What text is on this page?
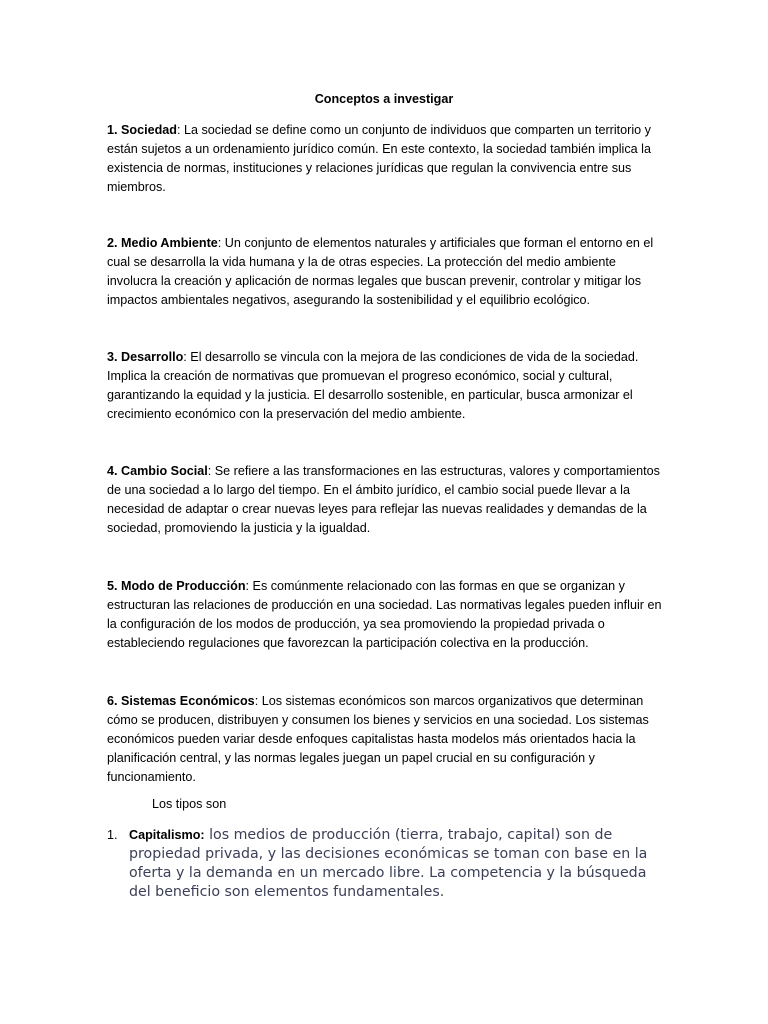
Conceptos a investigar

1. Sociedad: La sociedad se define como un conjunto de individuos que comparten un territorio y están sujetos a un ordenamiento jurídico común. En este contexto, la sociedad también implica la existencia de normas, instituciones y relaciones jurídicas que regulan la convivencia entre sus miembros.

2. Medio Ambiente: Un conjunto de elementos naturales y artificiales que forman el entorno en el cual se desarrolla la vida humana y la de otras especies. La protección del medio ambiente involucra la creación y aplicación de normas legales que buscan prevenir, controlar y mitigar los impactos ambientales negativos, asegurando la sostenibilidad y el equilibrio ecológico.

3. Desarrollo: El desarrollo se vincula con la mejora de las condiciones de vida de la sociedad. Implica la creación de normativas que promuevan el progreso económico, social y cultural, garantizando la equidad y la justicia. El desarrollo sostenible, en particular, busca armonizar el crecimiento económico con la preservación del medio ambiente.

4. Cambio Social: Se refiere a las transformaciones en las estructuras, valores y comportamientos de una sociedad a lo largo del tiempo. En el ámbito jurídico, el cambio social puede llevar a la necesidad de adaptar o crear nuevas leyes para reflejar las nuevas realidades y demandas de la sociedad, promoviendo la justicia y la igualdad.

5. Modo de Producción: Es comúnmente relacionado con las formas en que se organizan y estructuran las relaciones de producción en una sociedad. Las normativas legales pueden influir en la configuración de los modos de producción, ya sea promoviendo la propiedad privada o estableciendo regulaciones que favorezcan la participación colectiva en la producción.

6. Sistemas Económicos: Los sistemas económicos son marcos organizativos que determinan cómo se producen, distribuyen y consumen los bienes y servicios en una sociedad. Los sistemas económicos pueden variar desde enfoques capitalistas hasta modelos más orientados hacia la planificación central, y las normas legales juegan un papel crucial en su configuración y funcionamiento.

Los tipos son
1. Capitalismo: los medios de producción (tierra, trabajo, capital) son de propiedad privada, y las decisiones económicas se toman con base en la oferta y la demanda en un mercado libre. La competencia y la búsqueda del beneficio son elementos fundamentales.
